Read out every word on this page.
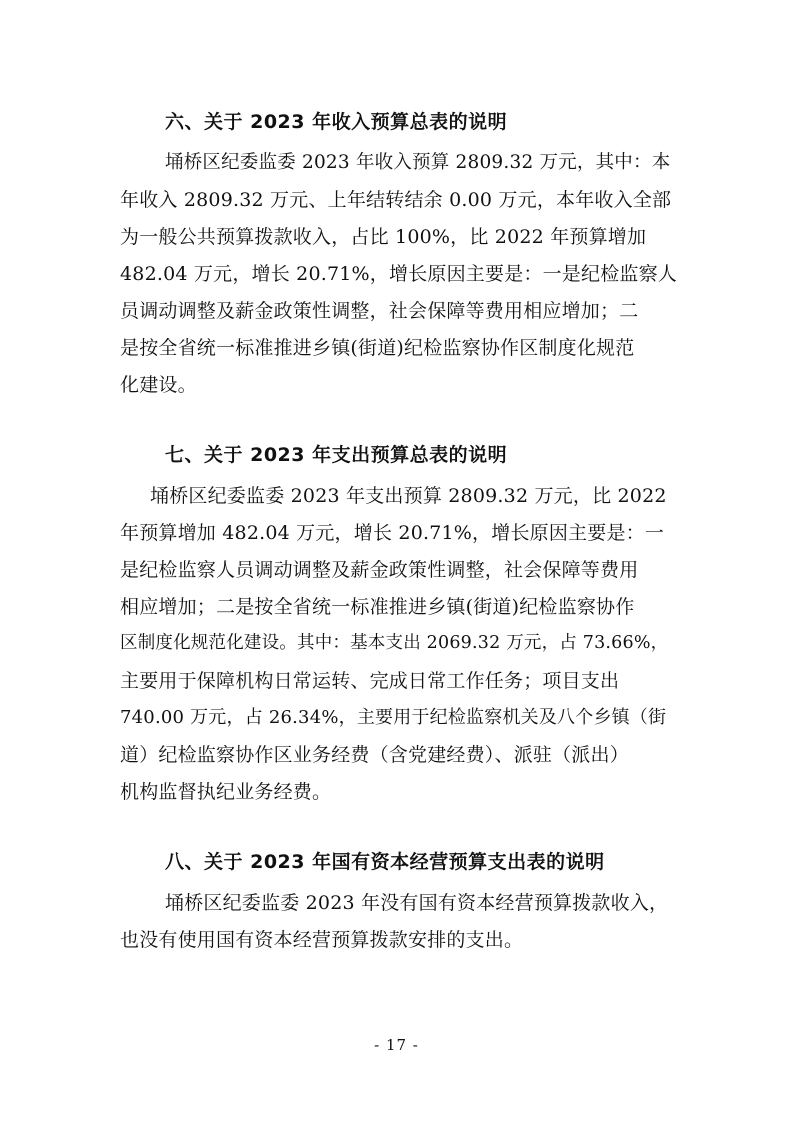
六、关于 2023 年收入预算总表的说明
埇桥区纪委监委 2023 年收入预算 2809.32 万元，其中：本
年收入 2809.32 万元、上年结转结余 0.00 万元，本年收入全部
为一般公共预算拨款收入，占比 100%，比 2022 年预算增加
482.04 万元，增长 20.71%，增长原因主要是：一是纪检监察人
员调动调整及薪金政策性调整，社会保障等费用相应增加；二
是按全省统一标准推进乡镇(街道)纪检监察协作区制度化规范
化建设。
七、关于 2023 年支出预算总表的说明
埇桥区纪委监委 2023 年支出预算 2809.32 万元，比 2022
年预算增加 482.04 万元，增长 20.71%，增长原因主要是：一
是纪检监察人员调动调整及薪金政策性调整，社会保障等费用
相应增加；二是按全省统一标准推进乡镇(街道)纪检监察协作
区制度化规范化建设。其中：基本支出 2069.32 万元，占 73.66%，
主要用于保障机构日常运转、完成日常工作任务；项目支出
740.00 万元，占 26.34%，主要用于纪检监察机关及八个乡镇（街
道）纪检监察协作区业务经费（含党建经费）、派驻（派出）
机构监督执纪业务经费。
八、关于 2023 年国有资本经营预算支出表的说明
埇桥区纪委监委 2023 年没有国有资本经营预算拨款收入，
也没有使用国有资本经营预算拨款安排的支出。
- 17 -
